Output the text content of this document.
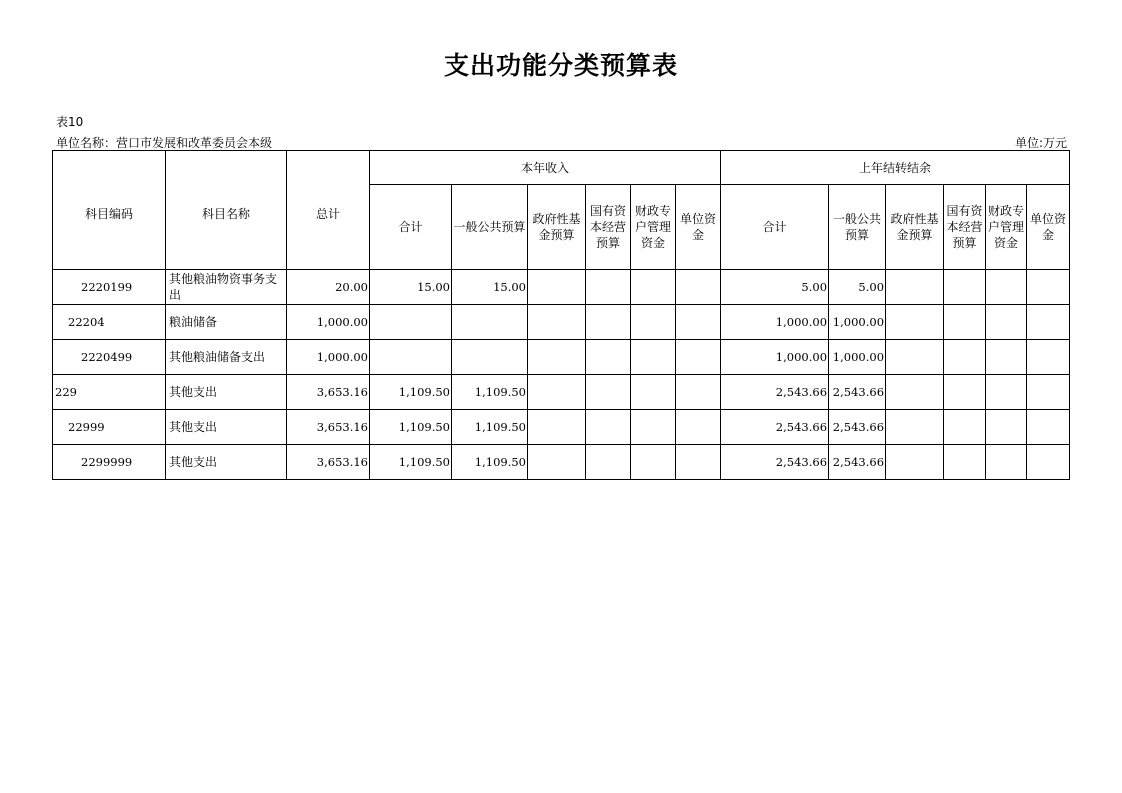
支出功能分类预算表
表10
单位名称：营口市发展和改革委员会本级	单位:万元
科目编码	科目名称	总计	本年收入						上年结转结余					
			合计	一般公共预算	政府性基金预算	国有资本经营预算	财政专户管理资金	单位资金	合计	一般公共预算	政府性基金预算	国有资本经营预算	财政专户管理资金	单位资金
2220199	其他粮油物资事务支出	20.00	15.00	15.00					5.00	5.00				
22204	粮油储备	1,000.00							1,000.00	1,000.00				
2220499	其他粮油储备支出	1,000.00							1,000.00	1,000.00				
229	其他支出	3,653.16	1,109.50	1,109.50					2,543.66	2,543.66				
22999	其他支出	3,653.16	1,109.50	1,109.50					2,543.66	2,543.66				
2299999	其他支出	3,653.16	1,109.50	1,109.50					2,543.66	2,543.66				
